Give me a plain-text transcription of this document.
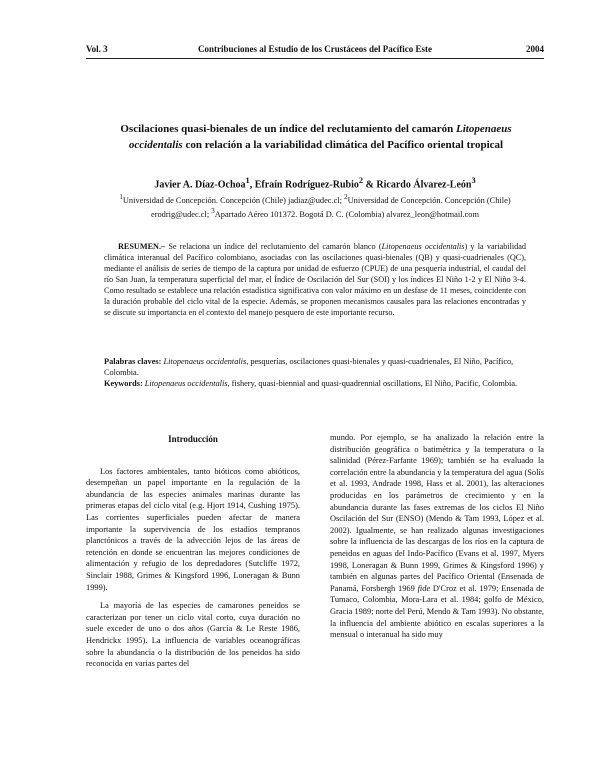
Vol. 3	Contribuciones al Estudio de los Crustáceos del Pacífico Este	2004
Oscilaciones quasi-bienales de un índice del reclutamiento del camarón Litopenaeus occidentalis con relación a la variabilidad climática del Pacífico oriental tropical
Javier A. Díaz-Ochoa$^1$, Efraín Rodríguez-Rubio$^2$ & Ricardo Álvarez-León$^3$
$^1$Universidad de Concepción. Concepción (Chile) jadiaz@udec.cl; $^2$Universidad de Concepción. Concepción (Chile)
erodrig@udec.cl; $^3$Apartado Aéreo 101372. Bogotá D. C. (Colombia) alvarez_leon@hotmail.com

RESUMEN.– Se relaciona un índice del reclutamiento del camarón blanco (Litopenaeus occidentalis) y la variabilidad climática interanual del Pacífico colombiano, asociadas con las oscilaciones quasi-bienales (QB) y quasi-cuadrienales (QC), mediante el análisis de series de tiempo de la captura por unidad de esfuerzo (CPUE) de una pesquería industrial, el caudal del río San Juan, la temperatura superficial del mar, el Índice de Oscilación del Sur (SOI) y los índices El Niño 1-2 y El Niño 3-4. Como resultado se establece una relación estadística significativa con valor máximo en un desfase de 11 meses, coincidente con la duración probable del ciclo vital de la especie. Además, se proponen mecanismos causales para las relaciones encontradas y se discute su importancia en el contexto del manejo pesquero de este importante recurso.

Palabras claves: Litopenaeus occidentalis, pesquerías, oscilaciones quasi-bienales y quasi-cuadrienales, El Niño, Pacífico, Colombia.

Keywords: Litopenaeus occidentalis, fishery, quasi-biennial and quasi-quadrennial oscillations, El Niño, Pacific, Colombia.

Introducción

Los factores ambientales, tanto bióticos como abióticos, desempeñan un papel importante en la regulación de la abundancia de las especies animales marinas durante las primeras etapas del ciclo vital (e.g. Hjort 1914, Cushing 1975). Las corrientes superficiales pueden afectar de manera importante la supervivencia de los estadíos tempranos planctónicos a través de la advección lejos de las áreas de retención en donde se encuentran las mejores condiciones de alimentación y refugio de los depredadores (Sutcliffe 1972, Sinclair 1988, Grimes & Kingsford 1996, Loneragan & Bunn 1999).

La mayoría de las especies de camarones peneidos se caracterizan por tener un ciclo vital corto, cuya duración no suele exceder de uno o dos años (García & Le Reste 1986, Hendrickx 1995). La influencia de variables oceanográficas sobre la abundancia o la distribución de los peneidos ha sido reconocida en varias partes del

mundo. Por ejemplo, se ha analizado la relación entre la distribución geográfica o batimétrica y la temperatura o la salinidad (Pérez-Farfante 1969); también se ha evaluado la correlación entre la abundancia y la temperatura del agua (Solís et al. 1993, Andrade 1998, Hass et al. 2001), las alteraciones producidas en los parámetros de crecimiento y en la abundancia durante las fases extremas de los ciclos El Niño Oscilación del Sur (ENSO) (Mendo & Tam 1993, López et al. 2002). Igualmente, se han realizado algunas investigaciones sobre la influencia de las descargas de los ríos en la captura de peneidos en aguas del Indo-Pacífico (Evans et al. 1997, Myers 1998, Loneragan & Bunn 1999, Grimes & Kingsford 1996) y también en algunas partes del Pacífico Oriental (Ensenada de Panamá, Forsbergh 1969 fide D'Croz et al. 1979; Ensenada de Tumaco, Colombia, Mora-Lara et al. 1984; golfo de México, Gracia 1989; norte del Perú, Mendo & Tam 1993). No obstante, la influencia del ambiente abiótico en escalas superiores a la mensual o interanual ha sido muy
